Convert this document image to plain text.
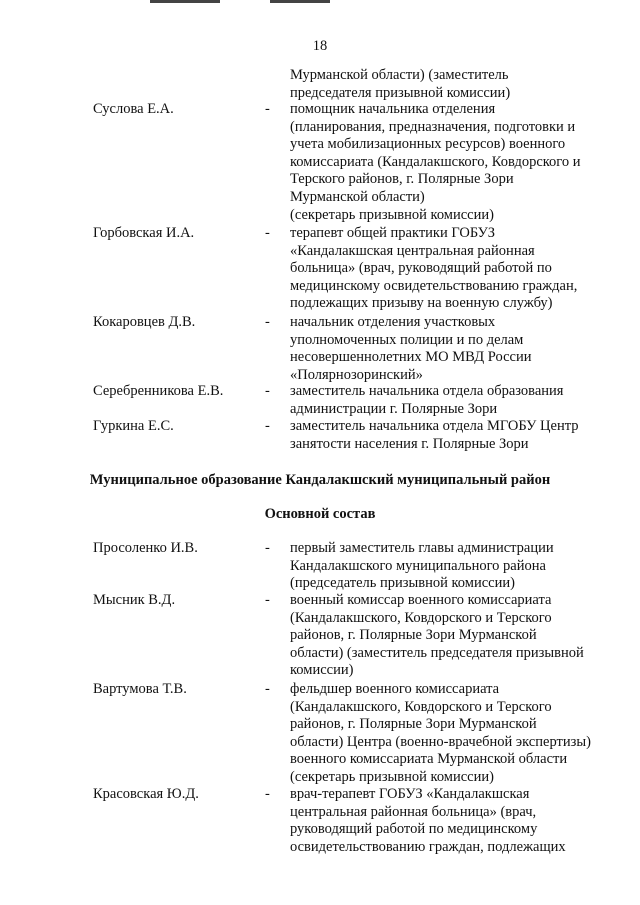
18
Мурманской области) (заместитель
председателя призывной комиссии)
Суслова Е.А.	- помощник начальника отделения
(планирования, предназначения, подготовки и
учета мобилизационных ресурсов) военного
комиссариата (Кандалакшского, Ковдорского и
Терского районов, г. Полярные Зори
Мурманской области)
(секретарь призывной комиссии)
Горбовская И.А.	- терапевт общей практики ГОБУЗ
«Кандалакшская центральная районная
больница» (врач, руководящий работой по
медицинскому освидетельствованию граждан,
подлежащих призыву на военную службу)
Кокаровцев Д.В.	- начальник отделения участковых
уполномоченных полиции и по делам
несовершеннолетних МО МВД России
«Полярнозоринский»
Серебренникова Е.В.	- заместитель начальника отдела образования
администрации г. Полярные Зори
Гуркина Е.С.	- заместитель начальника отдела МГОБУ Центр
занятости населения г. Полярные Зори
Муниципальное образование Кандалакшский муниципальный район
Основной состав
Просоленко И.В.	- первый заместитель главы администрации
Кандалакшского муниципального района
(председатель призывной комиссии)
Мысник В.Д.	- военный комиссар военного комиссариата
(Кандалакшского, Ковдорского и Терского
районов, г. Полярные Зори Мурманской
области) (заместитель председателя призывной
комиссии)
Вартумова Т.В.	- фельдшер военного комиссариата
(Кандалакшского, Ковдорского и Терского
районов, г. Полярные Зори Мурманской
области) Центра (военно-врачебной экспертизы)
военного комиссариата Мурманской области
(секретарь призывной комиссии)
Красовская Ю.Д.	- врач-терапевт ГОБУЗ «Кандалакшская
центральная районная больница» (врач,
руководящий работой по медицинскому
освидетельствованию граждан, подлежащих
